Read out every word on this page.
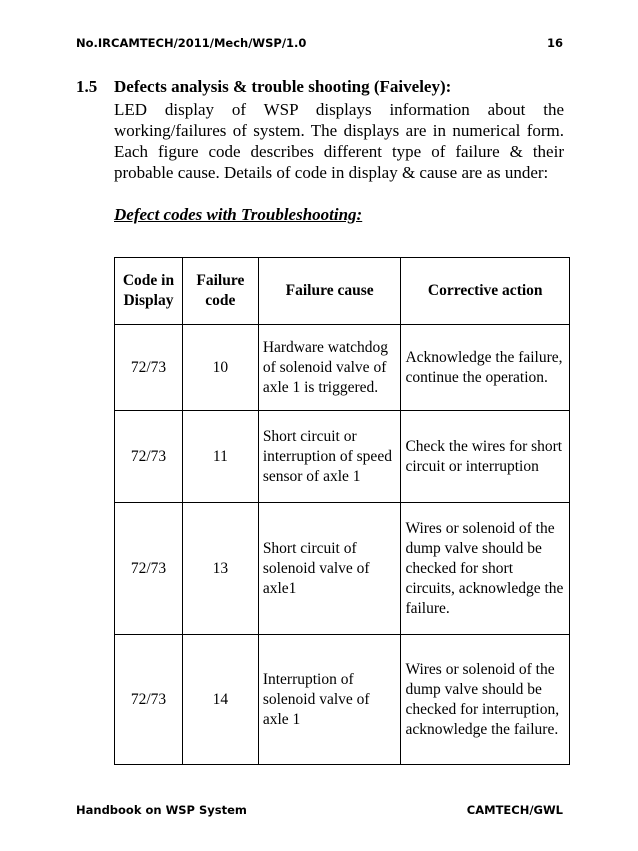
No.IRCAMTECH/2011/Mech/WSP/1.0	16
1.5 Defects analysis & trouble shooting (Faiveley):
LED display of WSP displays information about the working/failures of system. The displays are in numerical form. Each figure code describes different type of failure & their probable cause. Details of code in display & cause are as under:
Defect codes with Troubleshooting:
Code in Display	Failure code	Failure cause	Corrective action
72/73	10	Hardware watchdog of solenoid valve of axle 1 is triggered.	Acknowledge the failure, continue the operation.
72/73	11	Short circuit or interruption of speed sensor of axle 1	Check the wires for short circuit or interruption
72/73	13	Short circuit of solenoid valve of axle1	Wires or solenoid of the dump valve should be checked for short circuits, acknowledge the failure.
72/73	14	Interruption of solenoid valve of axle 1	Wires or solenoid of the dump valve should be checked for interruption, acknowledge the failure.
Handbook on WSP System	CAMTECH/GWL
